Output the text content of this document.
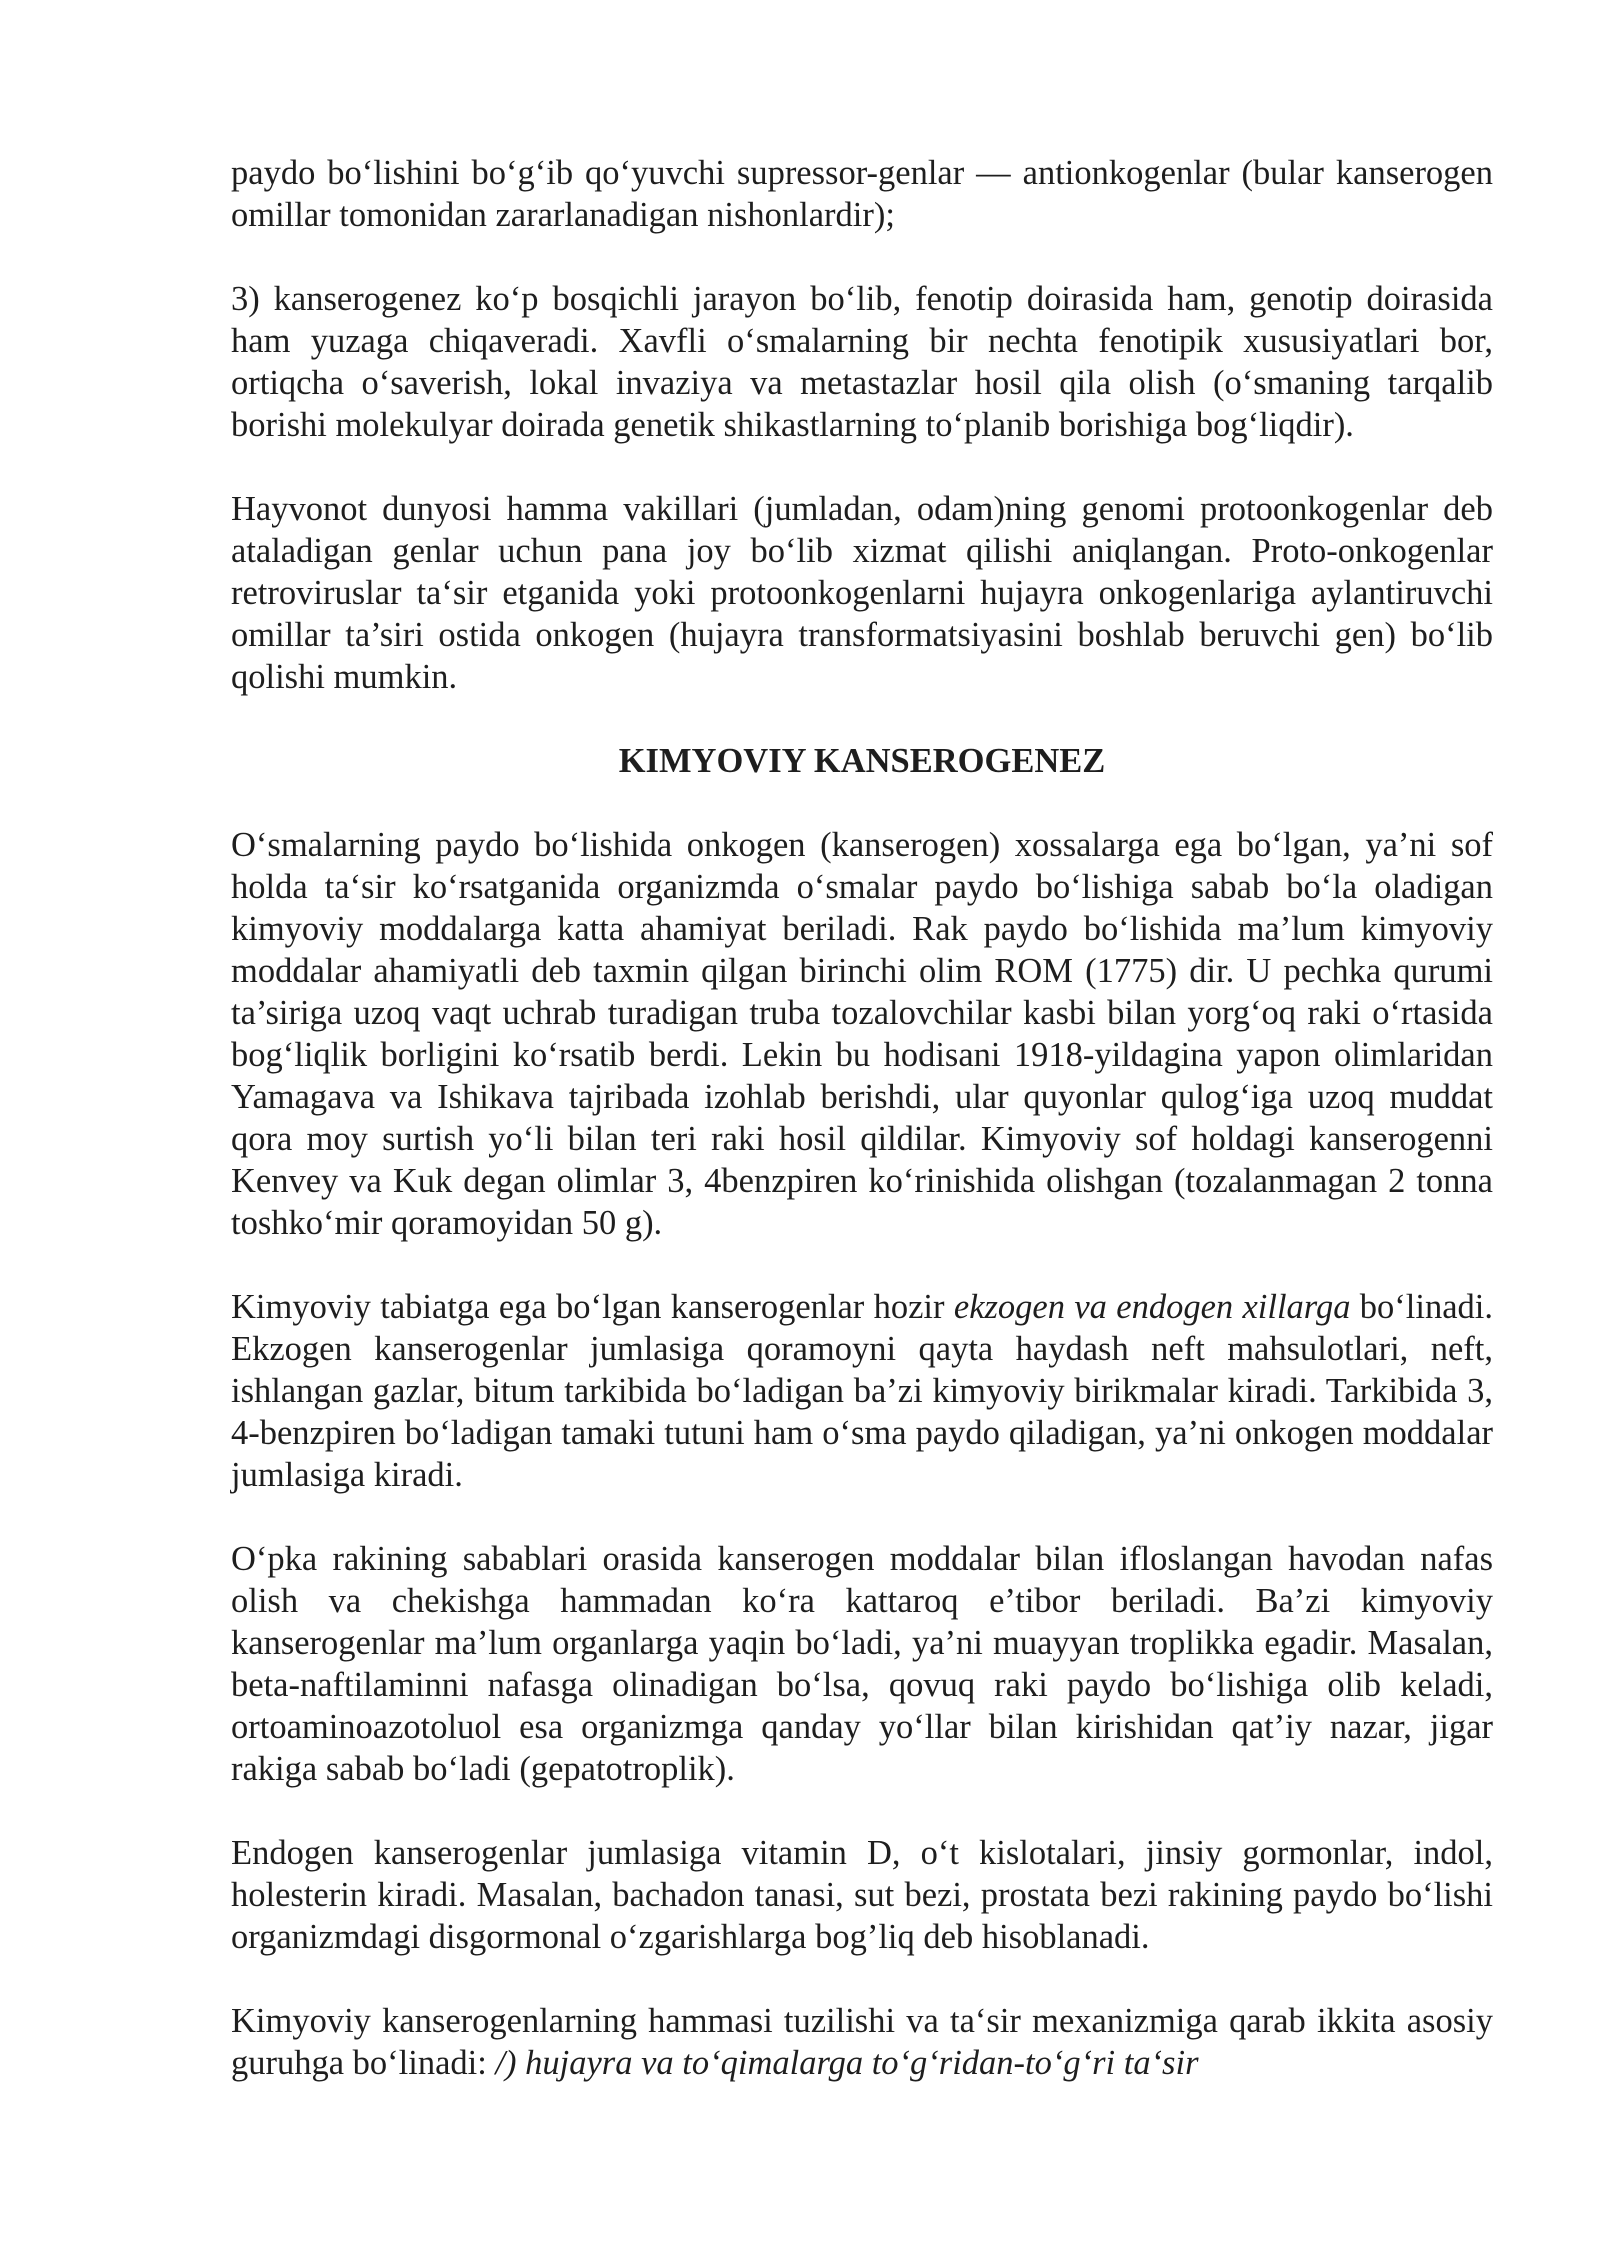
paydo boʻlishini boʻgʻib qoʻyuvchi supressor-genlar — antionkogenlar (bular kanserogen omillar tomonidan zararlanadigan nishonlardir);

3) kanserogenez koʻp bosqichli jarayon boʻlib, fenotip doirasida ham, genotip doirasida ham yuzaga chiqaveradi. Xavfli oʻsmalarning bir nechta fenotipik xususiyatlari bor, ortiqcha oʻsaverish, lokal invaziya va metastazlar hosil qila olish (oʻsmaning tarqalib borishi molekulyar doirada genetik shikastlarning toʻplanib borishiga bogʻliqdir).

Hayvonot dunyosi hamma vakillari (jumladan, odam)ning genomi protoonkogenlar deb ataladigan genlar uchun pana joy boʻlib xizmat qilishi aniqlangan. Proto-onkogenlar retroviruslar taʻsir etganida yoki protoonkogenlarni hujayra onkogenlariga aylantiruvchi omillar ta’siri ostida onkogen (hujayra transformatsiyasini boshlab beruvchi gen) boʻlib qolishi mumkin.

KIMYOVIY KANSEROGENEZ

Oʻsmalarning paydo boʻlishida onkogen (kanserogen) xossalarga ega boʻlgan, ya’ni sof holda taʻsir koʻrsatganida organizmda oʻsmalar paydo boʻlishiga sabab boʻla oladigan kimyoviy moddalarga katta ahamiyat beriladi. Rak paydo boʻlishida ma’lum kimyoviy moddalar ahamiyatli deb taxmin qilgan birinchi olim ROM (1775) dir. U pechka qurumi ta’siriga uzoq vaqt uchrab turadigan truba tozalovchilar kasbi bilan yorgʻoq raki oʻrtasida bogʻliqlik borligini koʻrsatib berdi. Lekin bu hodisani 1918-yildagina yapon olimlaridan Yamagava va Ishikava tajribada izohlab berishdi, ular quyonlar qulogʻiga uzoq muddat qora moy surtish yoʻli bilan teri raki hosil qildilar. Kimyoviy sof holdagi kanserogenni Kenvey va Kuk degan olimlar 3, 4benzpiren koʻrinishida olishgan (tozalanmagan 2 tonna toshkoʻmir qoramoyidan 50 g).

Kimyoviy tabiatga ega boʻlgan kanserogenlar hozir ekzogen va endogen xillarga boʻlinadi. Ekzogen kanserogenlar jumlasiga qoramoyni qayta haydash neft mahsulotlari, neft, ishlangan gazlar, bitum tarkibida boʻladigan ba’zi kimyoviy birikmalar kiradi. Tarkibida 3, 4-benzpiren boʻladigan tamaki tutuni ham oʻsma paydo qiladigan, ya’ni onkogen moddalar jumlasiga kiradi.

Oʻpka rakining sabablari orasida kanserogen moddalar bilan ifloslangan havodan nafas olish va chekishga hammadan koʻra kattaroq e’tibor beriladi. Ba’zi kimyoviy kanserogenlar ma’lum organlarga yaqin boʻladi, ya’ni muayyan troplikka egadir. Masalan, beta-naftilaminni nafasga olinadigan boʻlsa, qovuq raki paydo boʻlishiga olib keladi, ortoaminoazotoluol esa organizmga qanday yoʻllar bilan kirishidan qat’iy nazar, jigar rakiga sabab boʻladi (gepatotroplik).

Endogen kanserogenlar jumlasiga vitamin D, oʻt kislotalari, jinsiy gormonlar, indol, holesterin kiradi. Masalan, bachadon tanasi, sut bezi, prostata bezi rakining paydo boʻlishi organizmdagi disgormonal oʻzgarishlarga bog’liq deb hisoblanadi.

Kimyoviy kanserogenlarning hammasi tuzilishi va taʻsir mexanizmiga qarab ikkita asosiy guruhga boʻlinadi: /) hujayra va toʻqimalarga toʻgʻridan-toʻgʻri taʻsir
